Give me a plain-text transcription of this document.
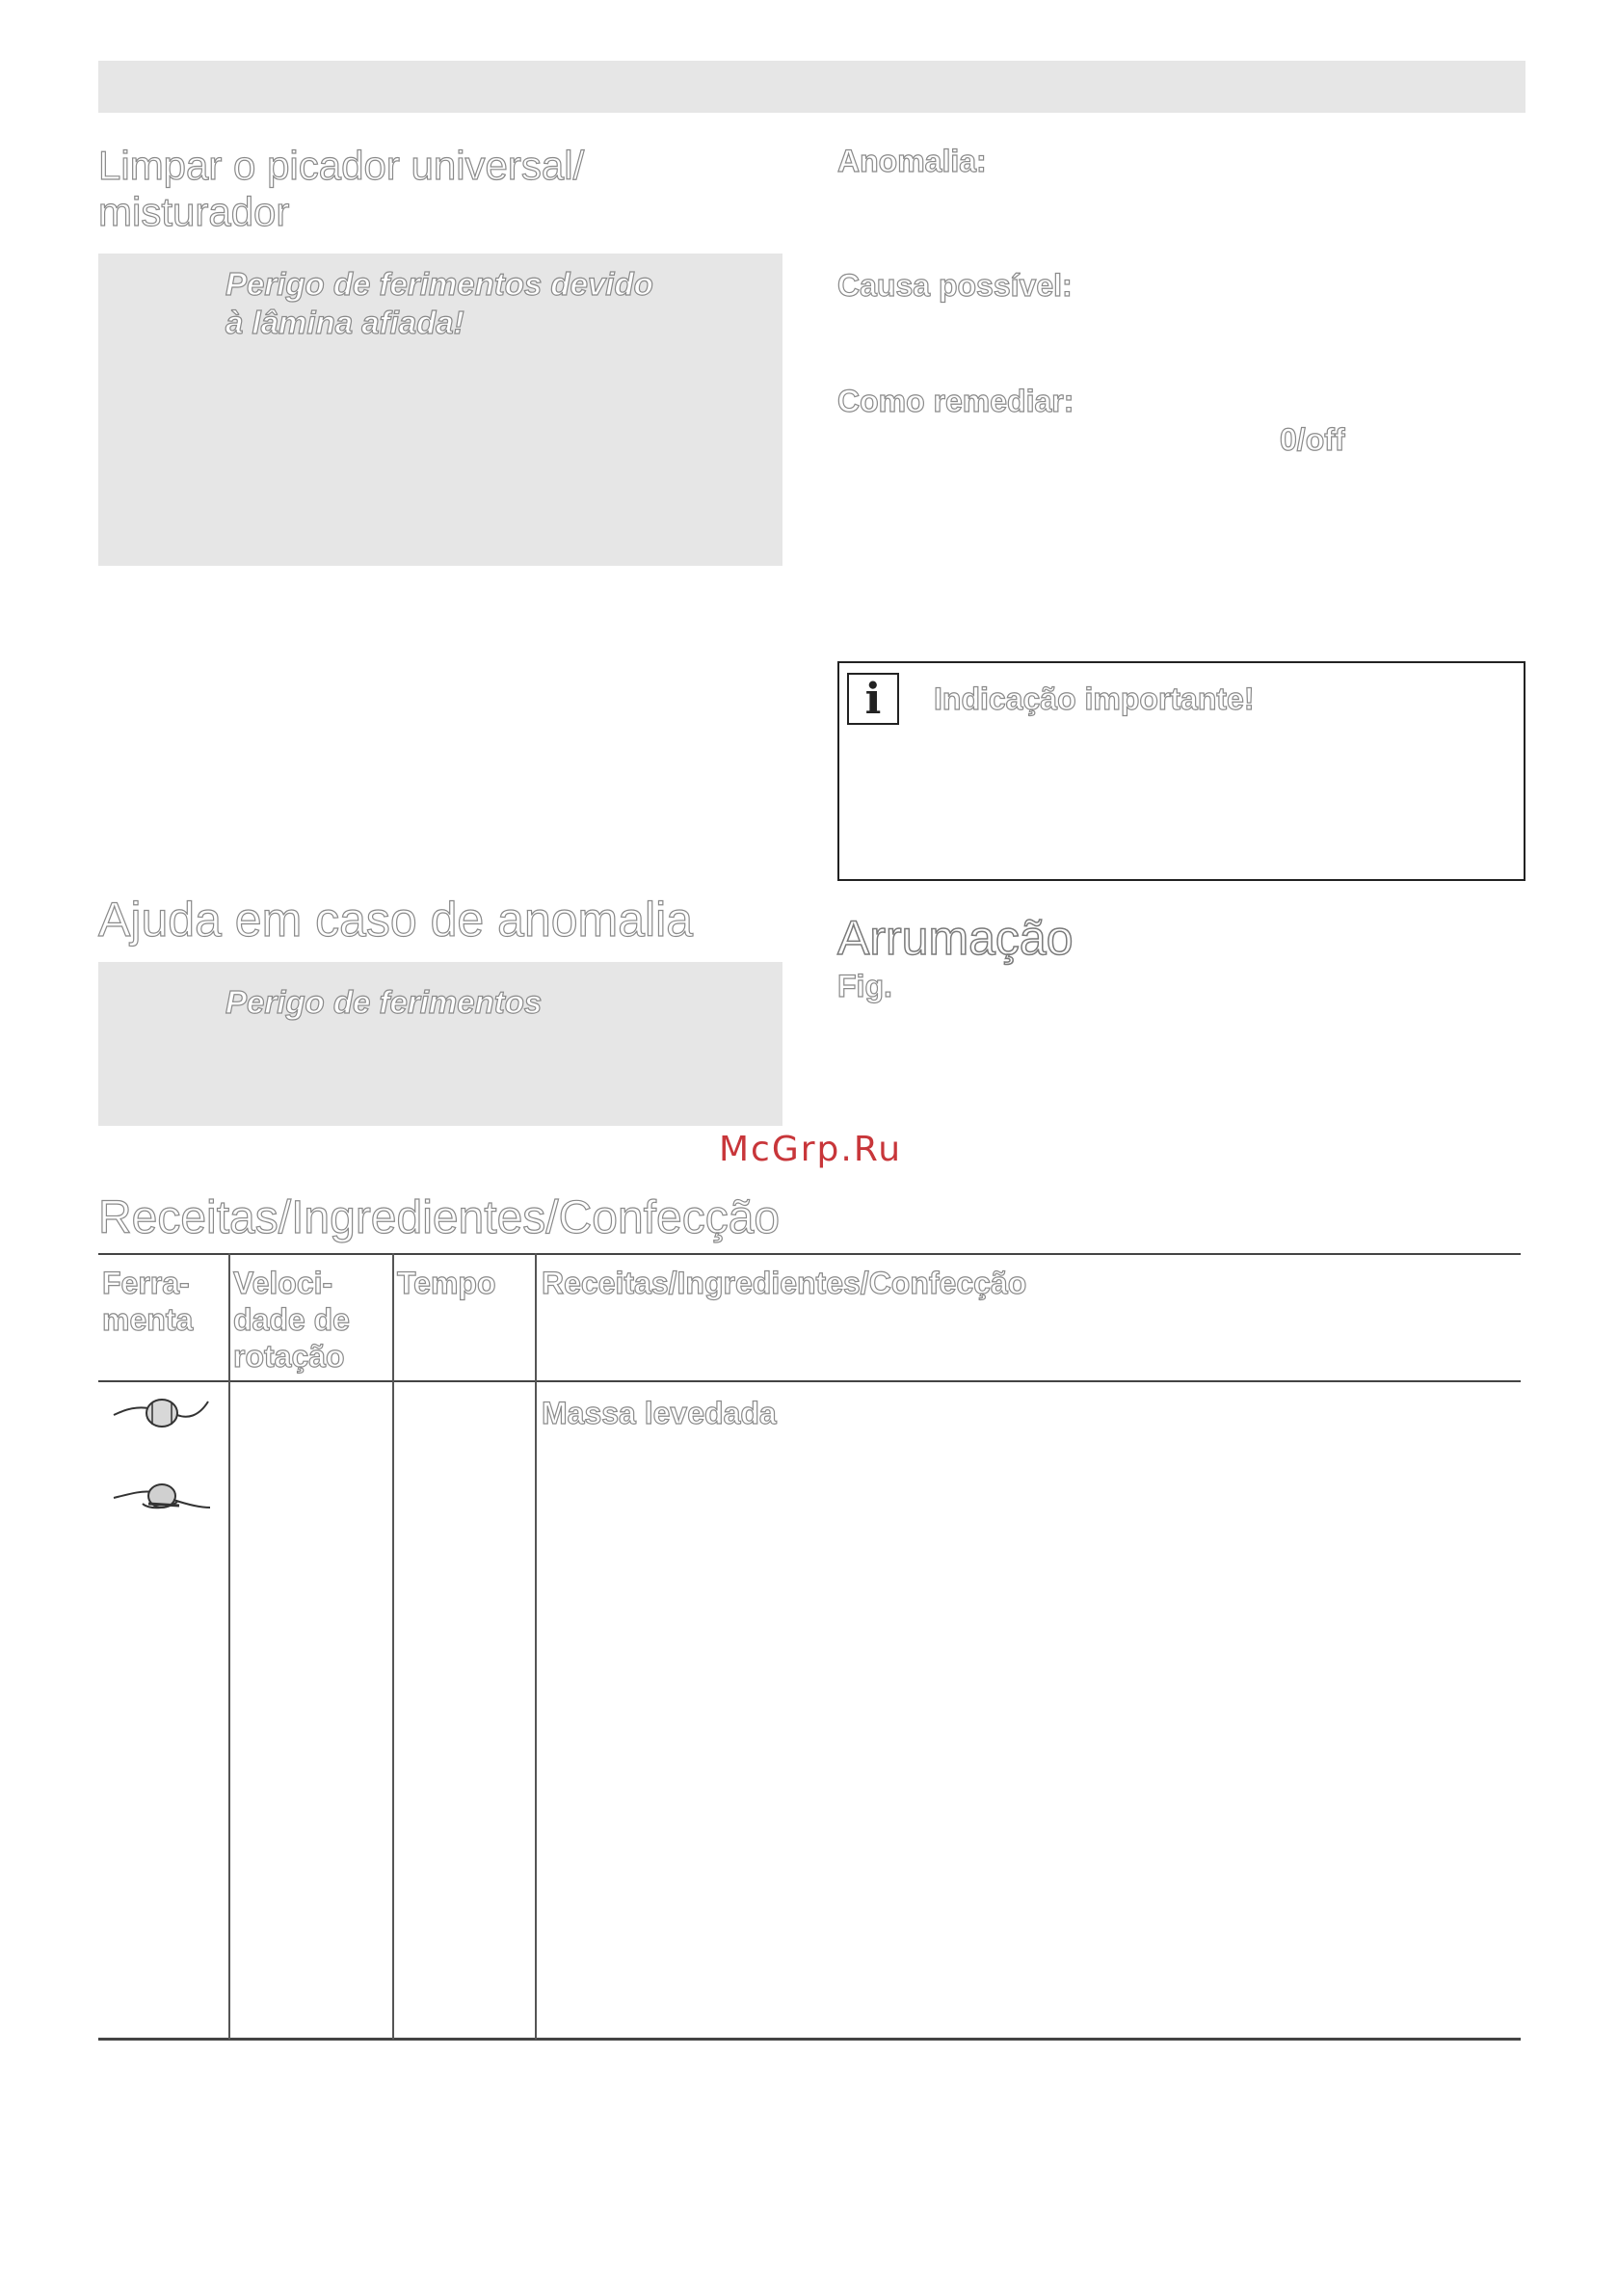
Limpar o picador universal/
misturador
Perigo de ferimentos devido
à lâmina afiada!
Ajuda em caso de anomalia
Perigo de ferimentos
Anomalia:
Causa possível:
Como remediar:
0/off
i	Indicação importante!
Arrumação
Fig.
McGrp.Ru
Receitas/Ingredientes/Confecção
Ferra-
menta
Veloci-
dade de
rotação
Tempo Receitas/Ingredientes/Confecção
Massa levedada
